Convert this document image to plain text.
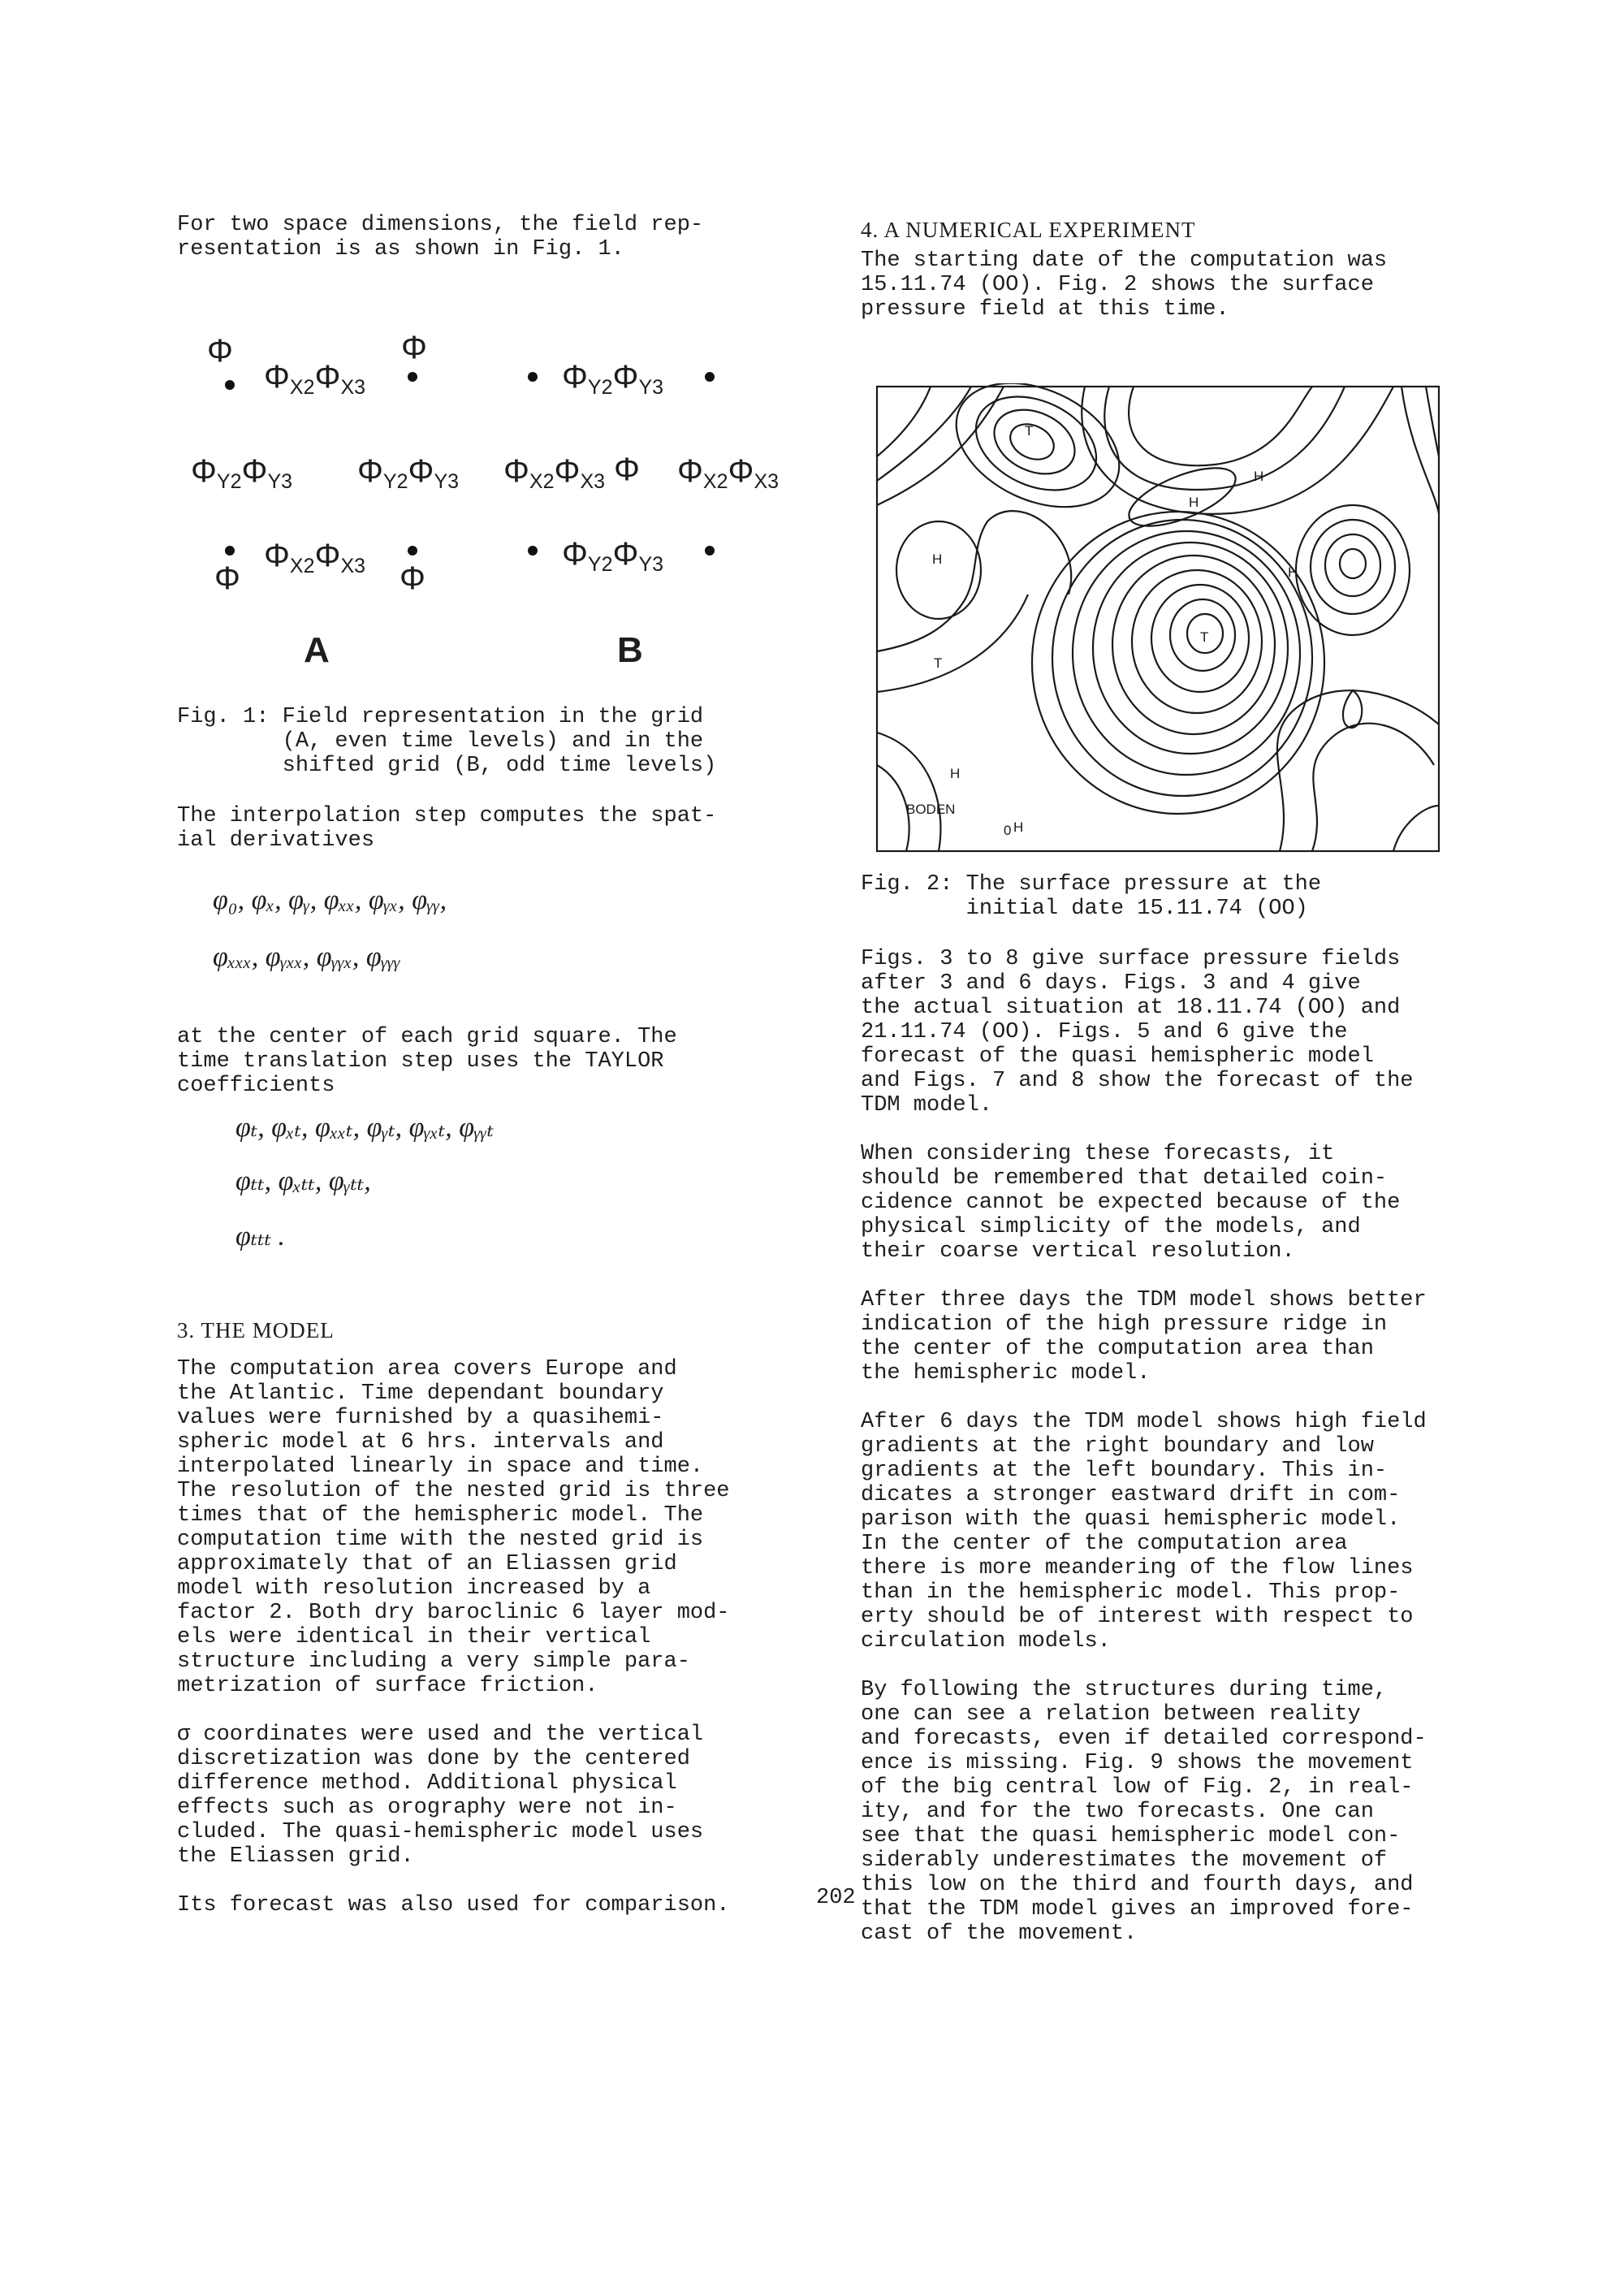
For two space dimensions, the field rep-

resentation is as shown in Fig. 1.

Φ
$\Phi_{X2}\Phi_{X3}$
Φ
$\Phi_{Y2}\Phi_{Y3}$ $\Phi_{Y2}\Phi_{Y3}$
Φ
$\Phi_{X2}\Phi_{X3}$ Φ
A
$\Phi_{Y2}\Phi_{Y3}$
$\Phi_{X2}\Phi_{X3}$ Φ $\Phi_{X2}\Phi_{X3}$
$\Phi_{Y2}\Phi_{Y3}$
B

Fig. 1: Field representation in the grid

(A, even time levels) and in the

shifted grid (B, odd time levels)

The interpolation step computes the spat-

ial derivatives

φ₀, φₓ, φᵧ, φₓₓ, φᵧₓ, φᵧᵧ,
φₓₓₓ, φᵧₓₓ, φᵧᵧₓ, φᵧᵧᵧ

at the center of each grid square. The

time translation step uses the TAYLOR

coefficients

φₜ, φₓₜ, φₓₓₜ, φᵧₜ, φᵧₓₜ, φᵧᵧₜ
φₜₜ, φₓₜₜ, φᵧₜₜ,
φₜₜₜ .

3. THE MODEL

The computation area covers Europe and

the Atlantic. Time dependant boundary

values were furnished by a quasihemi-

spheric model at 6 hrs. intervals and

interpolated linearly in space and time.

The resolution of the nested grid is three

times that of the hemispheric model. The

computation time with the nested grid is

approximately that of an Eliassen grid

model with resolution increased by a

factor 2. Both dry baroclinic 6 layer mod-

els were identical in their vertical

structure including a very simple para-

metrization of surface friction.

σ coordinates were used and the vertical

discretization was done by the centered

difference method. Additional physical

effects such as orography were not in-

cluded. The quasi-hemispheric model uses

the Eliassen grid.

Its forecast was also used for comparison.

4. A NUMERICAL EXPERIMENT

The starting date of the computation was

15.11.74 (OO). Fig. 2 shows the surface

pressure field at this time.

T
H
H
H
H
T
T
H
BODEN
0 H

Fig. 2: The surface pressure at the

initial date 15.11.74 (OO)

Figs. 3 to 8 give surface pressure fields

after 3 and 6 days. Figs. 3 and 4 give

the actual situation at 18.11.74 (OO) and

21.11.74 (OO). Figs. 5 and 6 give the

forecast of the quasi hemispheric model

and Figs. 7 and 8 show the forecast of the

TDM model.

When considering these forecasts, it

should be remembered that detailed coin-

cidence cannot be expected because of the

physical simplicity of the models, and

their coarse vertical resolution.

After three days the TDM model shows better

indication of the high pressure ridge in

the center of the computation area than

the hemispheric model.

After 6 days the TDM model shows high field

gradients at the right boundary and low

gradients at the left boundary. This in-

dicates a stronger eastward drift in com-

parison with the quasi hemispheric model.

In the center of the computation area

there is more meandering of the flow lines

than in the hemispheric model. This prop-

erty should be of interest with respect to

circulation models.

By following the structures during time,

one can see a relation between reality

and forecasts, even if detailed correspond-

ence is missing. Fig. 9 shows the movement

of the big central low of Fig. 2, in real-

ity, and for the two forecasts. One can

see that the quasi hemispheric model con-

siderably underestimates the movement of

this low on the third and fourth days, and

that the TDM model gives an improved fore-

cast of the movement.

202
